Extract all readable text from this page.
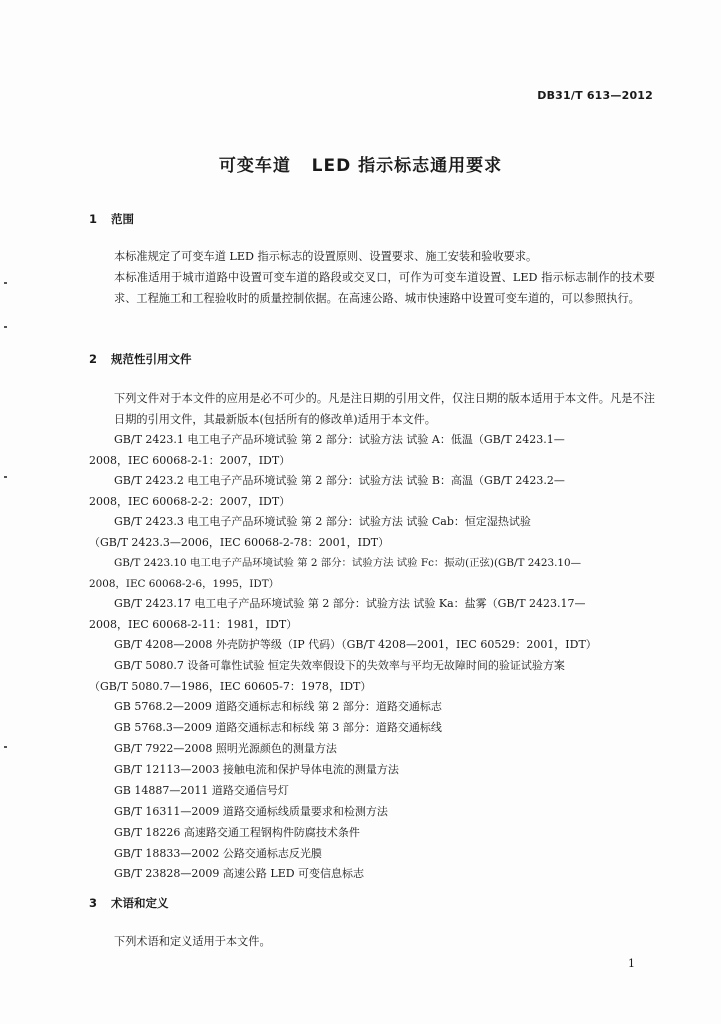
DB31/T 613—2012
可变车道   LED 指示标志通用要求
1 范围
本标准规定了可变车道 LED 指示标志的设置原则、设置要求、施工安装和验收要求。
本标准适用于城市道路中设置可变车道的路段或交叉口，可作为可变车道设置、LED 指示标志制作的技术要求、工程施工和工程验收时的质量控制依据。在高速公路、城市快速路中设置可变车道的，可以参照执行。
2 规范性引用文件
下列文件对于本文件的应用是必不可少的。凡是注日期的引用文件，仅注日期的版本适用于本文件。凡是不注日期的引用文件，其最新版本(包括所有的修改单)适用于本文件。
GB/T 2423.1 电工电子产品环境试验 第 2 部分：试验方法 试验 A：低温（GB/T 2423.1—
2008，IEC 60068-2-1：2007，IDT）
GB/T 2423.2 电工电子产品环境试验 第 2 部分：试验方法 试验 B：高温（GB/T 2423.2—
2008，IEC 60068-2-2：2007，IDT）
GB/T 2423.3 电工电子产品环境试验 第 2 部分：试验方法 试验 Cab：恒定湿热试验
（GB/T 2423.3—2006，IEC 60068-2-78：2001，IDT）
GB/T 2423.10 电工电子产品环境试验 第 2 部分：试验方法 试验 Fc：振动(正弦)(GB/T 2423.10—
2008，IEC 60068-2-6，1995，IDT）
GB/T 2423.17 电工电子产品环境试验 第 2 部分：试验方法 试验 Ka：盐雾（GB/T 2423.17—
2008，IEC 60068-2-11：1981，IDT）
GB/T 4208—2008 外壳防护等级（IP 代码）（GB/T 4208—2001，IEC 60529：2001，IDT）
GB/T 5080.7 设备可靠性试验 恒定失效率假设下的失效率与平均无故障时间的验证试验方案
（GB/T 5080.7—1986，IEC 60605-7：1978，IDT）
GB 5768.2—2009 道路交通标志和标线 第 2 部分：道路交通标志
GB 5768.3—2009 道路交通标志和标线 第 3 部分：道路交通标线
GB/T 7922—2008 照明光源颜色的测量方法
GB/T 12113—2003 接触电流和保护导体电流的测量方法
GB 14887—2011 道路交通信号灯
GB/T 16311—2009 道路交通标线质量要求和检测方法
GB/T 18226 高速路交通工程钢构件防腐技术条件
GB/T 18833—2002 公路交通标志反光膜
GB/T 23828—2009 高速公路 LED 可变信息标志
3 术语和定义
下列术语和定义适用于本文件。
1
